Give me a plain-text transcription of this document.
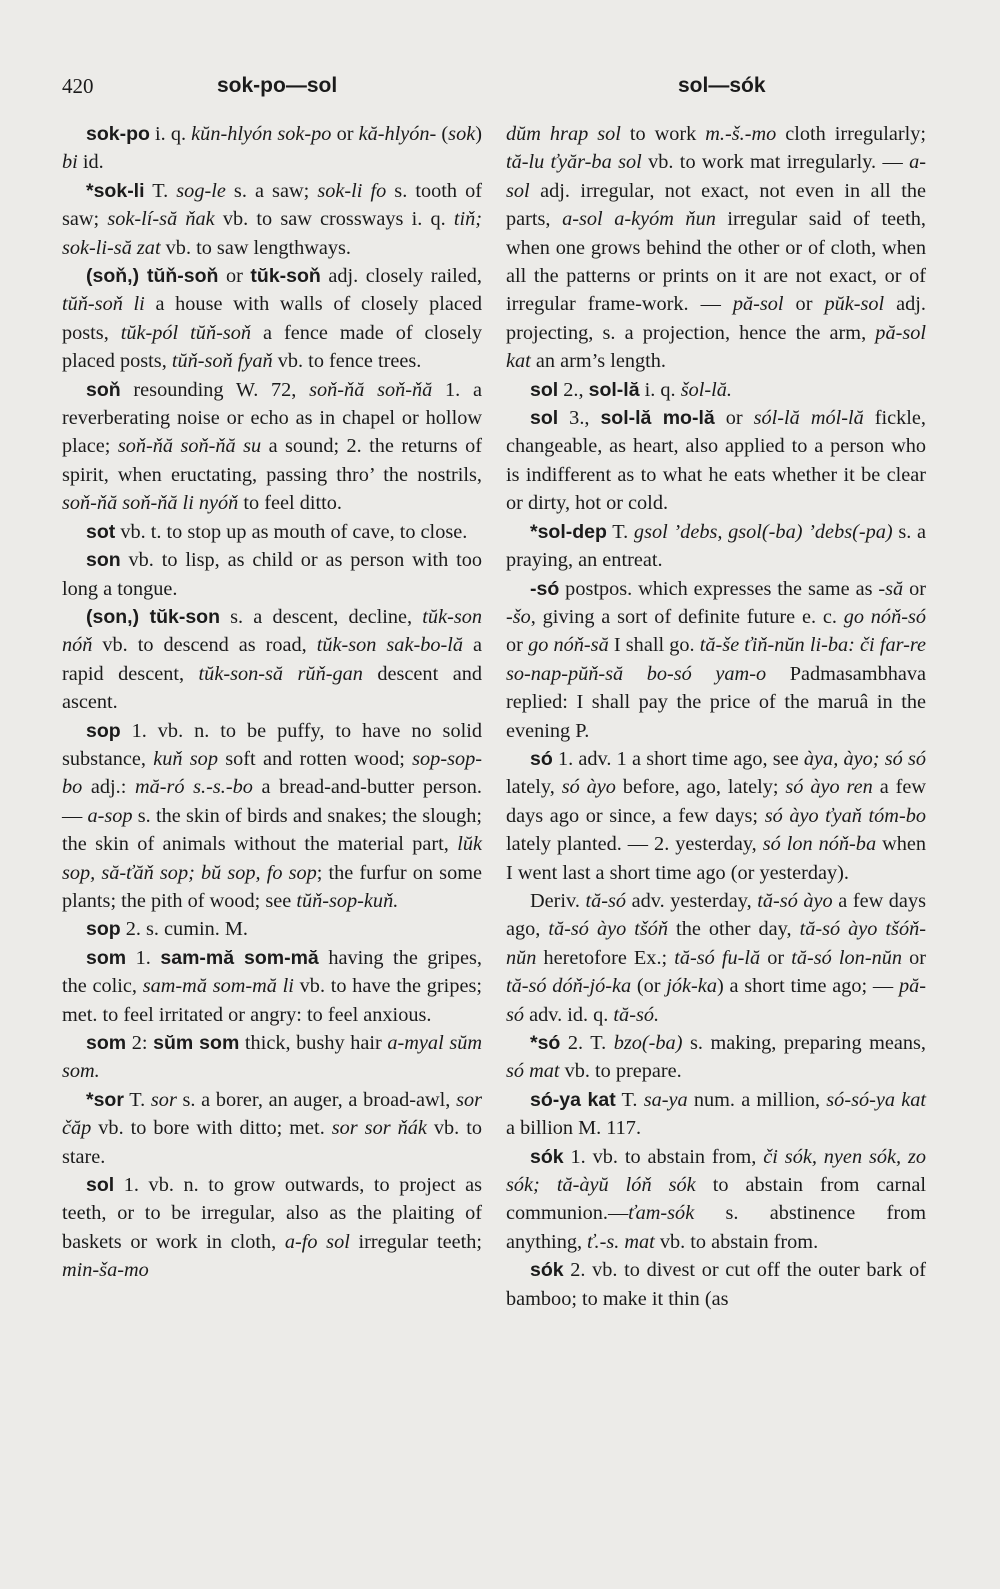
420	sok-po—sol	sol—sók

sok-po i. q. kŭn-hlyón sok-po or kă-hlyón- (sok) bi id.

*sok-li T. sog-le s. a saw; sok-li fo s. tooth of saw; sok-lí-să ňak vb. to saw crossways i. q. tiň; sok-li-să zat vb. to saw lengthways.

(soň,) tŭň-soň or tŭk-soň adj. closely railed, tŭň-soň li a house with walls of closely placed posts, tŭk-pól tŭň-soň a fence made of closely placed posts, tŭň-soň fyaň vb. to fence trees.

soň resounding W. 72, soň-ňă soň-ňă 1. a reverberating noise or echo as in chapel or hollow place; soň-ňă soň-ňă su a sound; 2. the returns of spirit, when eructating, passing thro’ the nostrils, soň-ňă soň-ňă li nyóň to feel ditto.

sot vb. t. to stop up as mouth of cave, to close.

son vb. to lisp, as child or as person with too long a tongue.

(son,) tŭk-son s. a descent, decline, tŭk-son nóň vb. to descend as road, tŭk-son sak-bo-lă a rapid descent, tŭk-son-să rŭň-gan descent and ascent.

sop 1. vb. n. to be puffy, to have no solid substance, kuň sop soft and rotten wood; sop-sop-bo adj.: mă-ró s.-s.-bo a bread-and-butter person. — a-sop s. the skin of birds and snakes; the slough; the skin of animals without the material part, lŭk sop, să-ťăň sop; bŭ sop, fo sop; the furfur on some plants; the pith of wood; see tŭň-sop-kuň.

sop 2. s. cumin. M.

som 1. sam-mă som-mă having the gripes, the colic, sam-mă som-mă li vb. to have the gripes; met. to feel irritated or angry: to feel anxious.

som 2: sŭm som thick, bushy hair a-myal sŭm som.

*sor T. sor s. a borer, an auger, a broad-awl, sor čăp vb. to bore with ditto; met. sor sor ňák vb. to stare.

sol 1. vb. n. to grow outwards, to project as teeth, or to be irregular, also as the plaiting of baskets or work in cloth, a-fo sol irregular teeth; min-ša-mo

dŭm hrap sol to work m.-š.-mo cloth irregularly; tă-lu ťyăr-ba sol vb. to work mat irregularly. — a-sol adj. irregular, not exact, not even in all the parts, a-sol a-kyóm ňun irregular said of teeth, when one grows behind the other or of cloth, when all the patterns or prints on it are not exact, or of irregular frame-work. — pă-sol or pŭk-sol adj. projecting, s. a projection, hence the arm, pă-sol kat an arm’s length.

sol 2., sol-lă i. q. šol-lă.

sol 3., sol-lă mo-lă or sól-lă mól-lă fickle, changeable, as heart, also applied to a person who is indifferent as to what he eats whether it be clear or dirty, hot or cold.

*sol-dep T. gsol ’debs, gsol(-ba) ’debs(-pa) s. a praying, an entreat.

-só postpos. which expresses the same as -să or -šo, giving a sort of definite future e. c. go nóň-só or go nóň-să I shall go. tă-še ťiň-nŭn li-ba: či far-re so-nap-pŭň-să bo-só yam-o Padmasambhava replied: I shall pay the price of the maruâ in the evening P.

só 1. adv. 1 a short time ago, see àya, àyo; só só lately, só àyo before, ago, lately; só àyo ren a few days ago or since, a few days; só àyo ťyaň tóm-bo lately planted. — 2. yesterday, só lon nóň-ba when I went last a short time ago (or yesterday).

Deriv. tă-só adv. yesterday, tă-só àyo a few days ago, tă-só àyo tšóň the other day, tă-só àyo tšóň-nŭn heretofore Ex.; tă-só fu-lă or tă-só lon-nŭn or tă-só dóň-jó-ka (or jók-ka) a short time ago; — pă-só adv. id. q. tă-só.

*só 2. T. bzo(-ba) s. making, preparing means, só mat vb. to prepare.

só-ya kat T. sa-ya num. a million, só-só-ya kat a billion M. 117.

sók 1. vb. to abstain from, či sók, nyen sók, zo sók; tă-àyŭ lóň sók to abstain from carnal communion.—ťam-sók s. abstinence from anything, ť.-s. mat vb. to abstain from.

sók 2. vb. to divest or cut off the outer bark of bamboo; to make it thin (as
